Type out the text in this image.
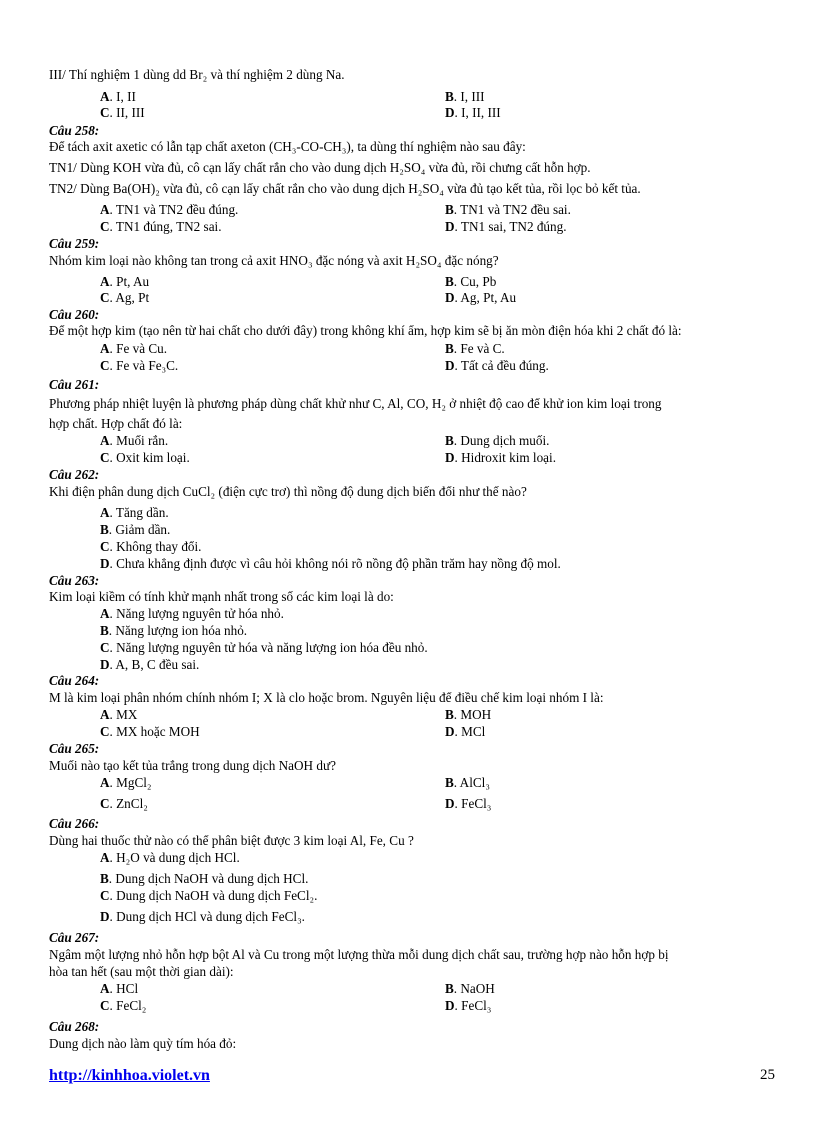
III/ Thí nghiệm 1 dùng dd Br₂ và thí nghiệm 2 dùng Na.
A. I, II	B. I, III
C. II, III	D. I, II, III
Câu 258:
Để tách axit axetic có lẫn tạp chất axeton (CH₃-CO-CH₃), ta dùng thí nghiệm nào sau đây:
TN1/ Dùng KOH vừa đủ, cô cạn lấy chất rắn cho vào dung dịch H₂SO₄ vừa đủ, rồi chưng cất hỗn hợp.
TN2/ Dùng Ba(OH)₂ vừa đủ, cô cạn lấy chất rắn cho vào dung dịch H₂SO₄ vừa đủ tạo kết tủa, rồi lọc bỏ kết tủa.
A. TN1 và TN2 đều đúng.	B. TN1 và TN2 đều sai.
C. TN1 đúng, TN2 sai.	D. TN1 sai, TN2 đúng.
Câu 259:
Nhóm kim loại nào không tan trong cả axit HNO₃ đặc nóng và axit H₂SO₄ đặc nóng?
A. Pt, Au	B. Cu, Pb
C. Ag, Pt	D. Ag, Pt, Au
Câu 260:
Để một hợp kim (tạo nên từ hai chất cho dưới đây) trong không khí ẩm, hợp kim sẽ bị ăn mòn điện hóa khi 2 chất đó là:
A. Fe và Cu.	B. Fe và C.
C. Fe và Fe₃C.	D. Tất cả đều đúng.
Câu 261:
Phương pháp nhiệt luyện là phương pháp dùng chất khử như C, Al, CO, H₂ ở nhiệt độ cao để khử ion kim loại trong
hợp chất. Hợp chất đó là:
A. Muối rắn.	B. Dung dịch muối.
C. Oxit kim loại.	D. Hidroxit kim loại.
Câu 262:
Khi điện phân dung dịch CuCl₂ (điện cực trơ) thì nồng độ dung dịch biến đổi như thế nào?
A. Tăng dần.
B. Giảm dần.
C. Không thay đổi.
D. Chưa khẳng định được vì câu hỏi không nói rõ nồng độ phần trăm hay nồng độ mol.
Câu 263:
Kim loại kiềm có tính khử mạnh nhất trong số các kim loại là do:
A. Năng lượng nguyên tử hóa nhỏ.
B. Năng lượng ion hóa nhỏ.
C. Năng lượng nguyên tử hóa và năng lượng ion hóa đều nhỏ.
D. A, B, C đều sai.
Câu 264:
M là kim loại phân nhóm chính nhóm I; X là clo hoặc brom. Nguyên liệu để điều chế kim loại nhóm I là:
A. MX	B. MOH
C. MX hoặc MOH	D. MCl
Câu 265:
Muối nào tạo kết tủa trắng trong dung dịch NaOH dư?
A. MgCl₂	B. AlCl₃
C. ZnCl₂	D. FeCl₃
Câu 266:
Dùng hai thuốc thử nào có thể phân biệt được 3 kim loại Al, Fe, Cu ?
A. H₂O và dung dịch HCl.
B. Dung dịch NaOH và dung dịch HCl.
C. Dung dịch NaOH và dung dịch FeCl₂.
D. Dung dịch HCl và dung dịch FeCl₃.
Câu 267:
Ngâm một lượng nhỏ hỗn hợp bột Al và Cu trong một lượng thừa mỗi dung dịch chất sau, trường hợp nào hỗn hợp bị
hòa tan hết (sau một thời gian dài):
A. HCl	B. NaOH
C. FeCl₂	D. FeCl₃
Câu 268:
Dung dịch nào làm quỳ tím hóa đỏ:
http://kinhhoa.violet.vn	25
